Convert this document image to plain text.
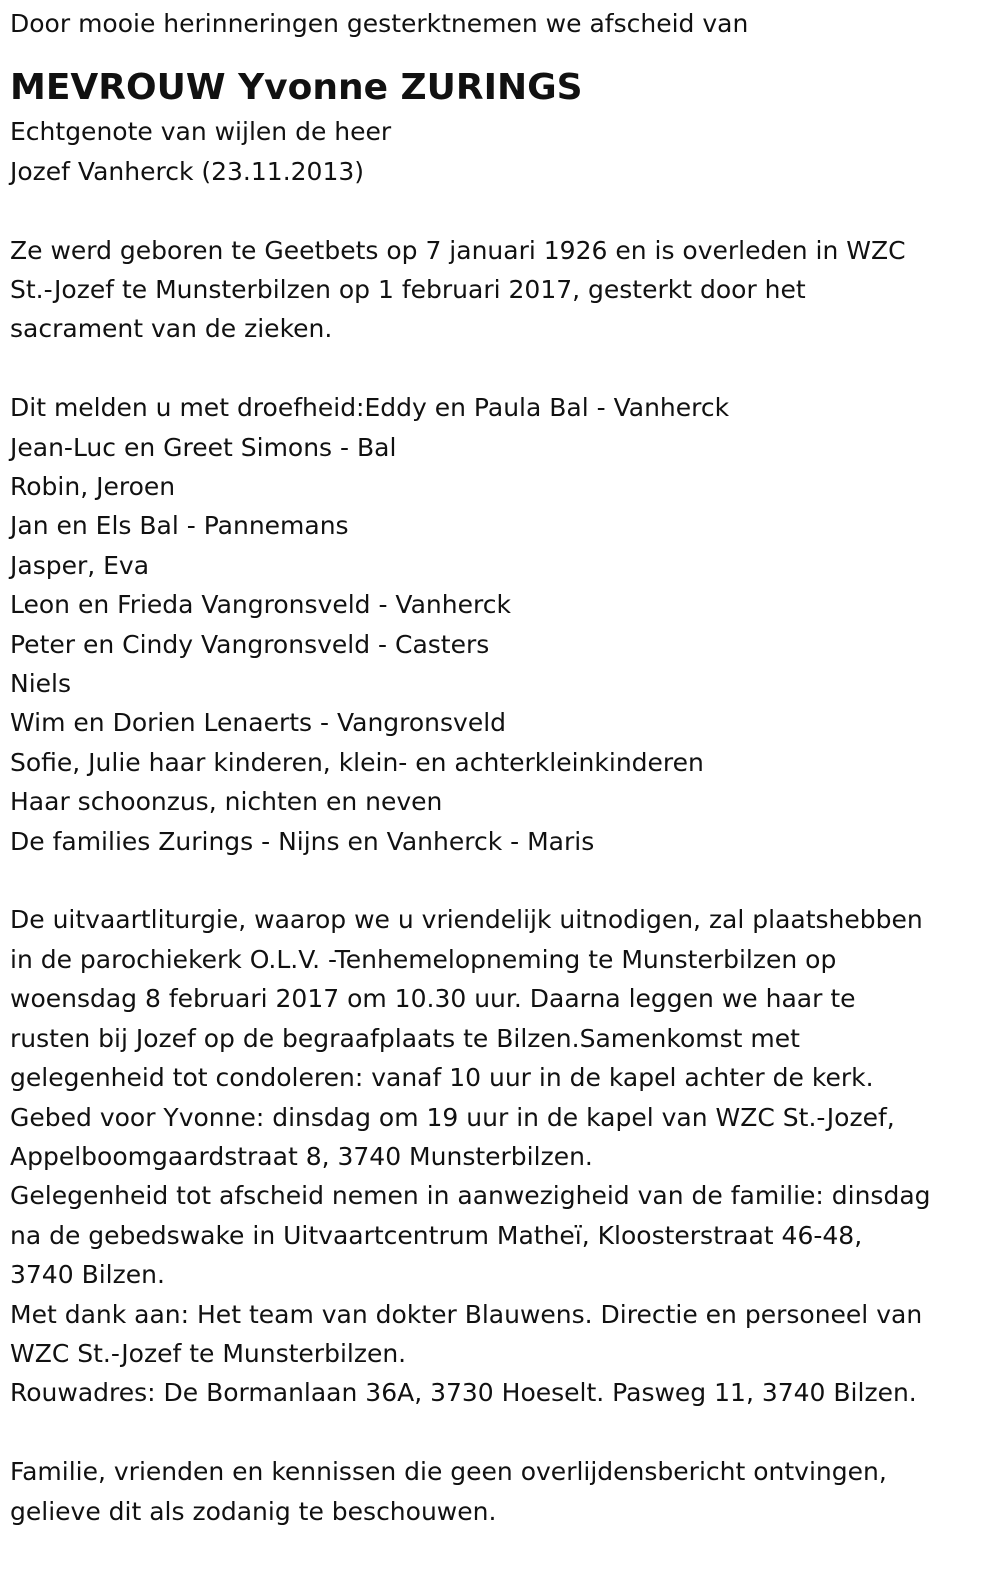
Door mooie herinneringen gesterktnemen we afscheid van
MEVROUW Yvonne ZURINGS
Echtgenote van wijlen de heer
Jozef Vanherck (23.11.2013)
Ze werd geboren te Geetbets op 7 januari 1926 en is overleden in WZC
St.-Jozef te Munsterbilzen op 1 februari 2017, gesterkt door het
sacrament van de zieken.
Dit melden u met droefheid:Eddy en Paula Bal - Vanherck
Jean-Luc en Greet Simons - Bal
Robin, Jeroen
Jan en Els Bal - Pannemans
Jasper, Eva
Leon en Frieda Vangronsveld - Vanherck
Peter en Cindy Vangronsveld - Casters
Niels
Wim en Dorien Lenaerts - Vangronsveld
Sofie, Julie haar kinderen, klein- en achterkleinkinderen
Haar schoonzus, nichten en neven
De families Zurings - Nijns en Vanherck - Maris
De uitvaartliturgie, waarop we u vriendelijk uitnodigen, zal plaatshebben
in de parochiekerk O.L.V. -Tenhemelopneming te Munsterbilzen op
woensdag 8 februari 2017 om 10.30 uur. Daarna leggen we haar te
rusten bij Jozef op de begraafplaats te Bilzen.Samenkomst met
gelegenheid tot condoleren: vanaf 10 uur in de kapel achter de kerk.
Gebed voor Yvonne: dinsdag om 19 uur in de kapel van WZC St.-Jozef,
Appelboomgaardstraat 8, 3740 Munsterbilzen.
Gelegenheid tot afscheid nemen in aanwezigheid van de familie: dinsdag
na de gebedswake in Uitvaartcentrum Matheï, Kloosterstraat 46-48,
3740 Bilzen.
Met dank aan: Het team van dokter Blauwens. Directie en personeel van
WZC St.-Jozef te Munsterbilzen.
Rouwadres: De Bormanlaan 36A, 3730 Hoeselt. Pasweg 11, 3740 Bilzen.
Familie, vrienden en kennissen die geen overlijdensbericht ontvingen,
gelieve dit als zodanig te beschouwen.
